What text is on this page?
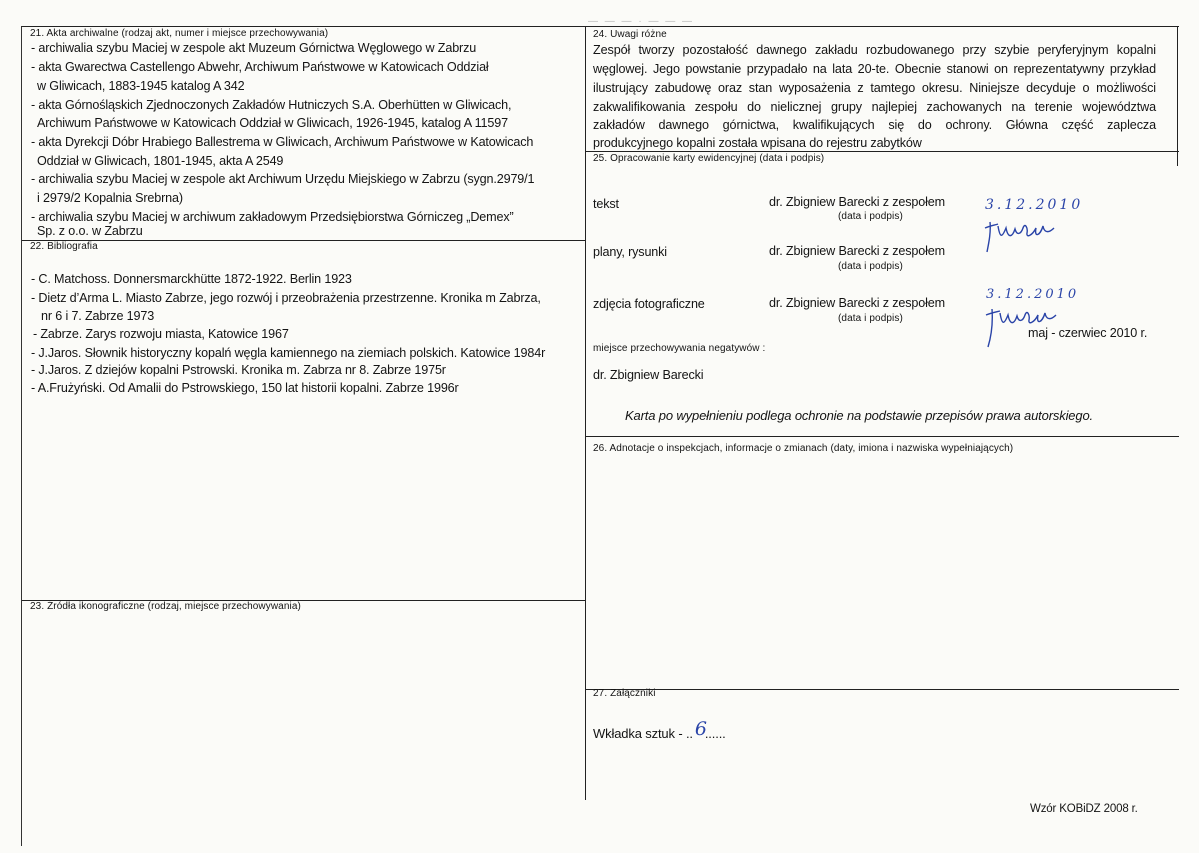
— — — · — — —
21. Akta archiwalne (rodzaj akt, numer i miejsce przechowywania)
- archiwalia szybu Maciej w zespole akt Muzeum Górnictwa Węglowego w Zabrzu
- akta Gwarectwa Castellengo Abwehr, Archiwum Państwowe w Katowicach Oddział
w Gliwicach, 1883-1945 katalog A 342
- akta Górnośląskich Zjednoczonych Zakładów Hutniczych S.A. Oberhütten w Gliwicach,
Archiwum Państwowe w Katowicach Oddział w Gliwicach, 1926-1945, katalog A 11597
- akta Dyrekcji Dóbr Hrabiego Ballestrema w Gliwicach, Archiwum Państwowe w Katowicach
Oddział w Gliwicach, 1801-1945, akta A 2549
- archiwalia szybu Maciej w zespole akt Archiwum Urzędu Miejskiego w Zabrzu (sygn.2979/1
i 2979/2 Kopalnia Srebrna)
- archiwalia szybu Maciej w archiwum zakładowym Przedsiębiorstwa Górniczeg „Demex”
Sp. z o.o. w Zabrzu
22. Bibliografia
- C. Matchoss. Donnersmarckhütte 1872-1922. Berlin 1923
- Dietz d’Arma L. Miasto Zabrze, jego rozwój i przeobrażenia przestrzenne. Kronika m Zabrza,
nr 6 i 7. Zabrze 1973
- Zabrze. Zarys rozwoju miasta, Katowice 1967
- J.Jaros. Słownik historyczny kopalń węgla kamiennego na ziemiach polskich. Katowice 1984r
- J.Jaros. Z dziejów kopalni Pstrowski. Kronika m. Zabrza nr 8. Zabrze 1975r
- A.Frużyński. Od Amalii do Pstrowskiego, 150 lat historii kopalni. Zabrze 1996r
23. Źródła ikonograficzne (rodzaj, miejsce przechowywania)
24. Uwagi różne
Zespół tworzy pozostałość dawnego zakładu rozbudowanego przy szybie peryferyjnym kopalni
węglowej. Jego powstanie przypadało na lata 20-te. Obecnie stanowi on reprezentatywny przykład
ilustrujący zabudowę oraz stan wyposażenia z tamtego okresu. Niniejsze decyduje o możliwości
zakwalifikowania zespołu do nielicznej grupy najlepiej zachowanych na terenie województwa
zakładów dawnego górnictwa, kwalifikujących się do ochrony. Główna część zaplecza
produkcyjnego kopalni została wpisana do rejestru zabytków
25. Opracowanie karty ewidencyjnej (data i podpis)
tekst	dr. Zbigniew Barecki z zespołem
(data i podpis)
3.12.2010
plany, rysunki	dr. Zbigniew Barecki z zespołem
(data i podpis)
zdjęcia fotograficzne	dr. Zbigniew Barecki z zespołem
(data i podpis)
3.12.2010
maj - czerwiec 2010 r.
miejsce przechowywania negatywów :
dr. Zbigniew Barecki
Karta po wypełnieniu podlega ochronie na podstawie przepisów prawa autorskiego.
26. Adnotacje o inspekcjach, informacje o zmianach (daty, imiona i nazwiska wypełniających)
27. Załączniki
Wkładka sztuk - .. 6......
Wzór KOBiDZ 2008 r.
